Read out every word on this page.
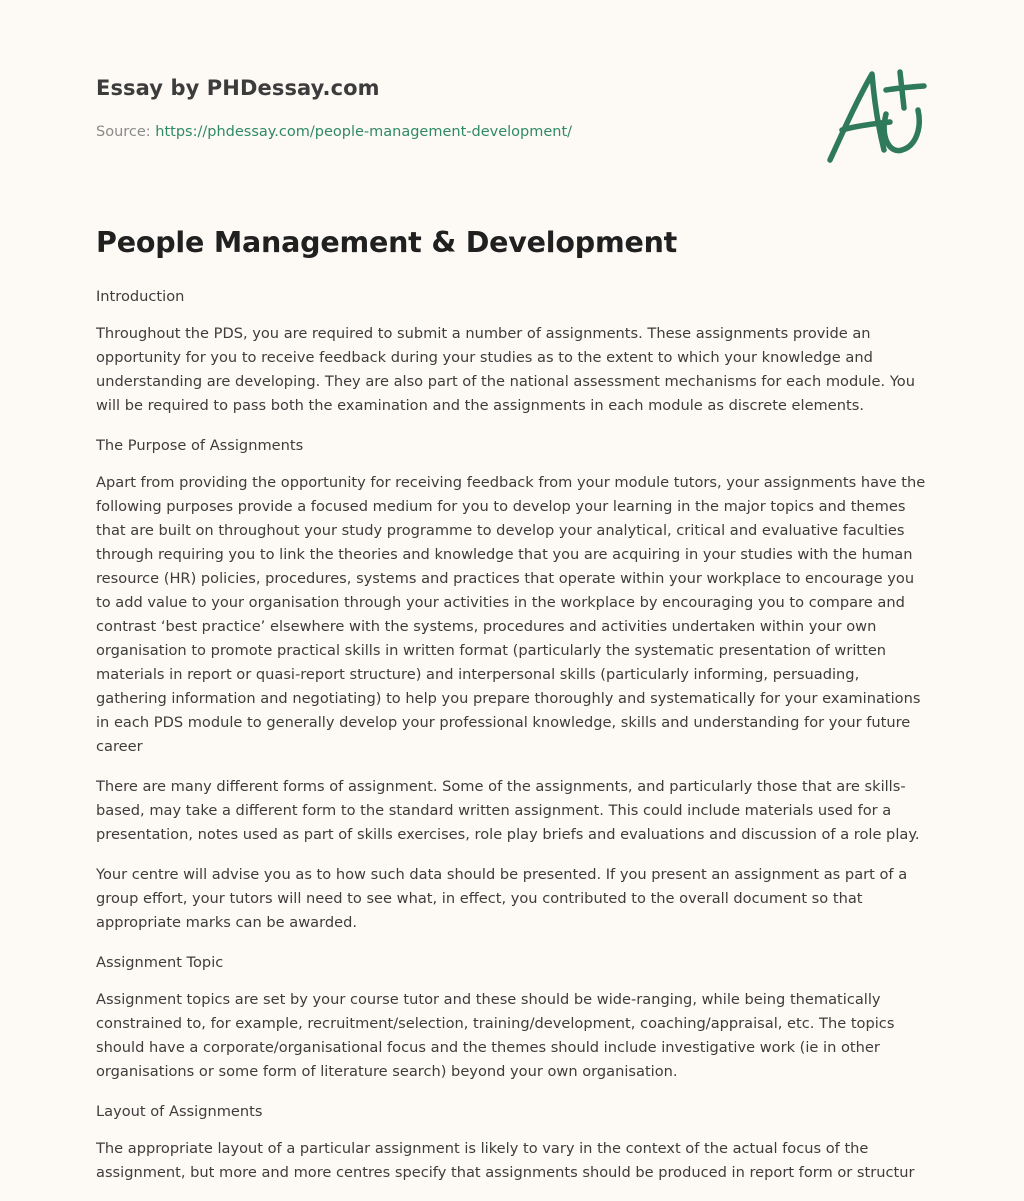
Essay by PHDessay.com
Source: https://phdessay.com/people-management-development/
People Management & Development

Introduction

Throughout the PDS, you are required to submit a number of assignments. These assignments provide an opportunity for you to receive feedback during your studies as to the extent to which your knowledge and understanding are developing. They are also part of the national assessment mechanisms for each module. You will be required to pass both the examination and the assignments in each module as discrete elements.

The Purpose of Assignments

Apart from providing the opportunity for receiving feedback from your module tutors, your assignments have the following purposes provide a focused medium for you to develop your learning in the major topics and themes that are built on throughout your study programme to develop your analytical, critical and evaluative faculties through requiring you to link the theories and knowledge that you are acquiring in your studies with the human resource (HR) policies, procedures, systems and practices that operate within your workplace to encourage you to add value to your organisation through your activities in the workplace by encouraging you to compare and contrast ‘best practice’ elsewhere with the systems, procedures and activities undertaken within your own organisation to promote practical skills in written format (particularly the systematic presentation of written materials in report or quasi-report structure) and interpersonal skills (particularly informing, persuading, gathering information and negotiating) to help you prepare thoroughly and systematically for your examinations in each PDS module to generally develop your professional knowledge, skills and understanding for your future career

There are many different forms of assignment. Some of the assignments, and particularly those that are skills-based, may take a different form to the standard written assignment. This could include materials used for a presentation, notes used as part of skills exercises, role play briefs and evaluations and discussion of a role play.

Your centre will advise you as to how such data should be presented. If you present an assignment as part of a group effort, your tutors will need to see what, in effect, you contributed to the overall document so that appropriate marks can be awarded.

Assignment Topic

Assignment topics are set by your course tutor and these should be wide-ranging, while being thematically constrained to, for example, recruitment/selection, training/development, coaching/appraisal, etc. The topics should have a corporate/organisational focus and the themes should include investigative work (ie in other organisations or some form of literature search) beyond your own organisation.

Layout of Assignments

The appropriate layout of a particular assignment is likely to vary in the context of the actual focus of the assignment, but more and more centres specify that assignments should be produced in report form or structur
